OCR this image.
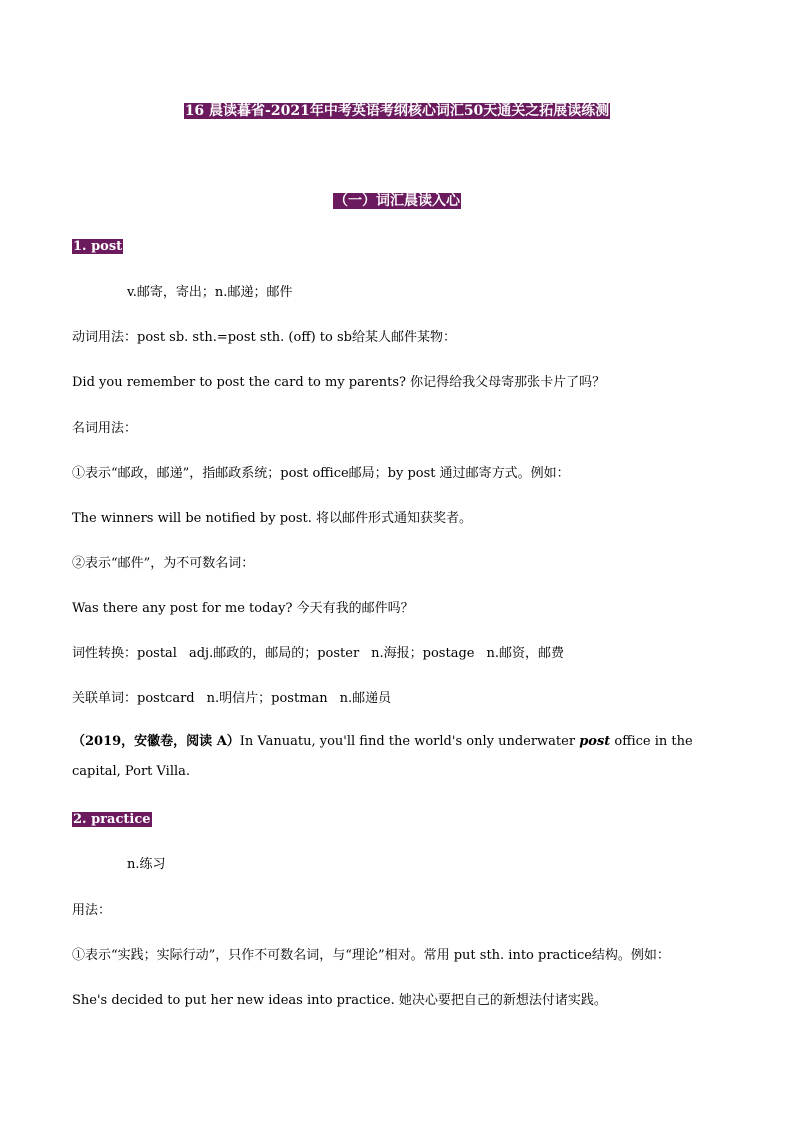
16 晨读暮省-2021年中考英语考纲核心词汇50天通关之拓展读练测
（一）词汇晨读入心
1. post
v.邮寄，寄出；n.邮递；邮件
动词用法：post sb. sth.=post sth. (off) to sb给某人邮件某物：
Did you remember to post the card to my parents? 你记得给我父母寄那张卡片了吗？
名词用法：
①表示“邮政，邮递”，指邮政系统；post office邮局；by post 通过邮寄方式。例如：
The winners will be notified by post. 将以邮件形式通知获奖者。
②表示“邮件”，为不可数名词：
Was there any post for me today? 今天有我的邮件吗？
词性转换：postal adj.邮政的，邮局的；poster n.海报；postage n.邮资，邮费
关联单词：postcard n.明信片；postman n.邮递员
（2019，安徽卷，阅读 A）In Vanuatu, you'll find the world's only underwater post office in the capital, Port Villa.
2. practice
n.练习
用法：
①表示“实践；实际行动”，只作不可数名词，与“理论”相对。常用 put sth. into practice结构。例如：
She's decided to put her new ideas into practice. 她决心要把自己的新想法付诸实践。
